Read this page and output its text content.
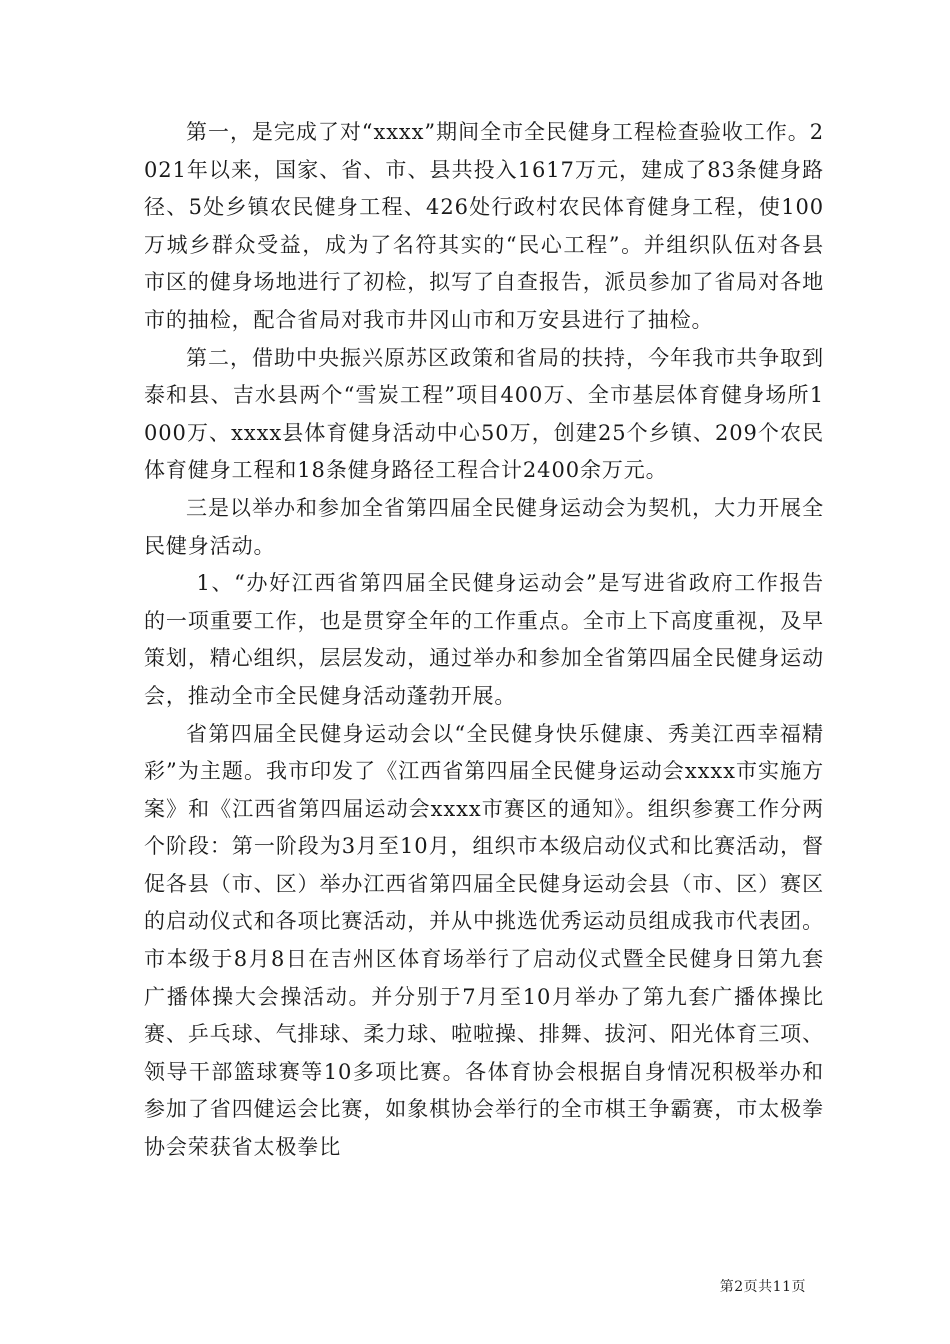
第一，是完成了对“xxxx”期间全市全民健身工程检查验收工作。2021年以来，国家、省、市、县共投入1617万元，建成了83条健身路径、5处乡镇农民健身工程、426处行政村农民体育健身工程，使100万城乡群众受益，成为了名符其实的“民心工程”。并组织队伍对各县市区的健身场地进行了初检，拟写了自查报告，派员参加了省局对各地市的抽检，配合省局对我市井冈山市和万安县进行了抽检。

第二，借助中央振兴原苏区政策和省局的扶持，今年我市共争取到泰和县、吉水县两个“雪炭工程”项目400万、全市基层体育健身场所1000万、xxxx县体育健身活动中心50万，创建25个乡镇、209个农民体育健身工程和18条健身路径工程合计2400余万元。

三是以举办和参加全省第四届全民健身运动会为契机，大力开展全民健身活动。

1、“办好江西省第四届全民健身运动会”是写进省政府工作报告的一项重要工作，也是贯穿全年的工作重点。全市上下高度重视，及早策划，精心组织，层层发动，通过举办和参加全省第四届全民健身运动会，推动全市全民健身活动蓬勃开展。

省第四届全民健身运动会以“全民健身快乐健康、秀美江西幸福精彩”为主题。我市印发了《江西省第四届全民健身运动会xxxx市实施方案》和《江西省第四届运动会xxxx市赛区的通知》。组织参赛工作分两个阶段：第一阶段为3月至10月，组织市本级启动仪式和比赛活动，督促各县（市、区）举办江西省第四届全民健身运动会县（市、区）赛区的启动仪式和各项比赛活动，并从中挑选优秀运动员组成我市代表团。市本级于8月8日在吉州区体育场举行了启动仪式暨全民健身日第九套广播体操大会操活动。并分别于7月至10月举办了第九套广播体操比赛、乒乓球、气排球、柔力球、啦啦操、排舞、拔河、阳光体育三项、领导干部篮球赛等10多项比赛。各体育协会根据自身情况积极举办和参加了省四健运会比赛，如象棋协会举行的全市棋王争霸赛，市太极拳协会荣获省太极拳比

第2页共11页
